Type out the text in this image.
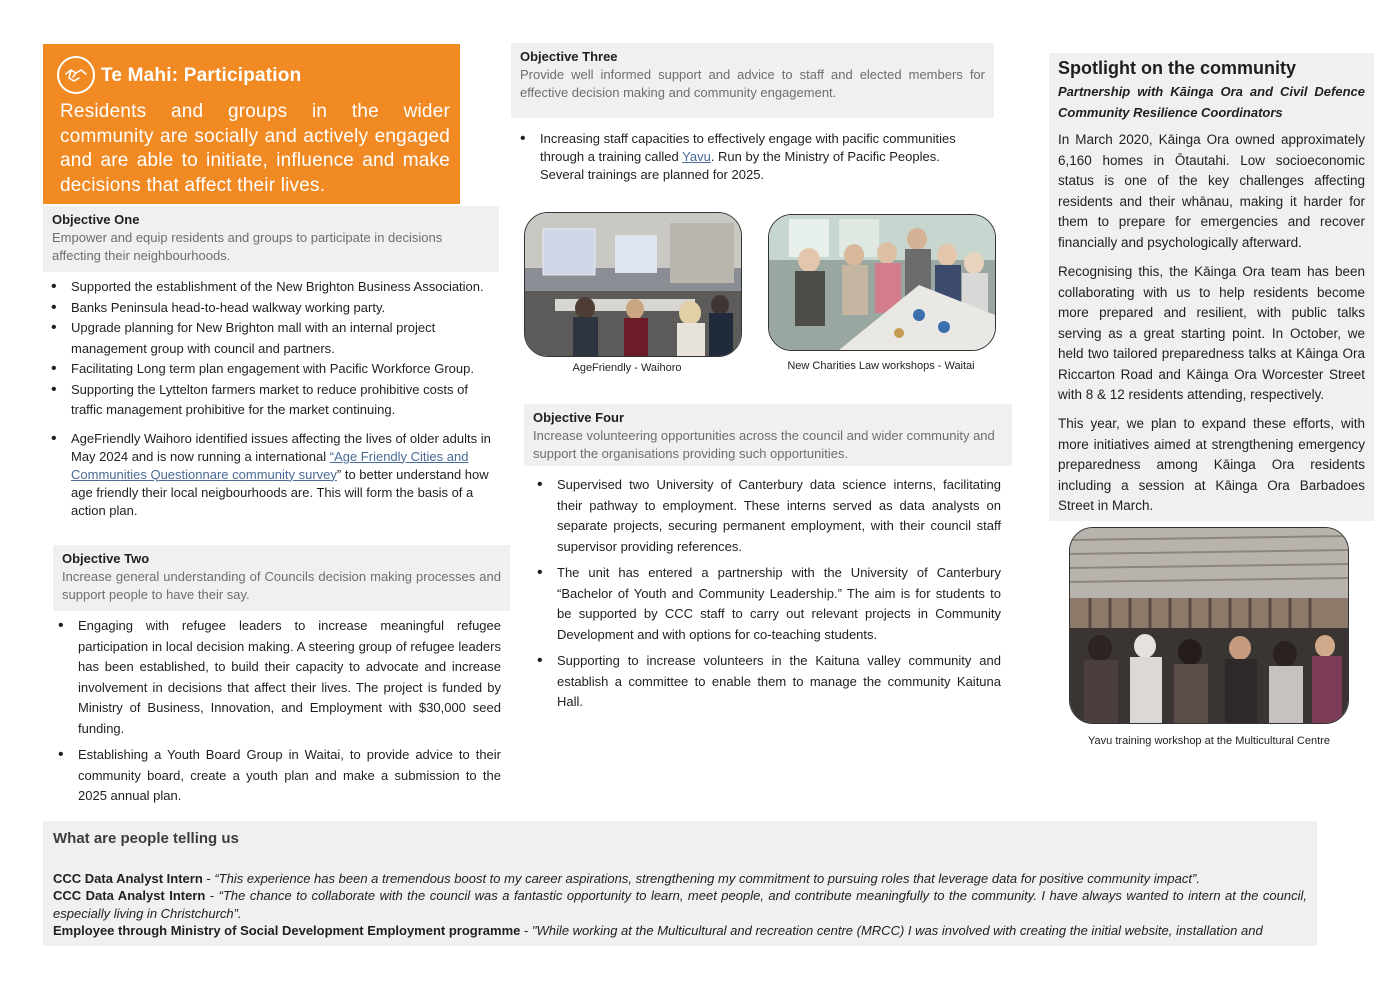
Te Mahi: Participation
Residents and groups in the wider community are socially and actively engaged and are able to initiate, influence and make decisions that affect their lives.
Objective One
Empower and equip residents and groups to participate in decisions affecting their neighbourhoods.
• Supported the establishment of the New Brighton Business Association.
• Banks Peninsula head-to-head walkway working party.
• Upgrade planning for New Brighton mall with an internal project management group with council and partners.
• Facilitating Long term plan engagement with Pacific Workforce Group.
• Supporting the Lyttelton farmers market to reduce prohibitive costs of traffic management prohibitive for the market continuing.
• AgeFriendly Waihoro identified issues affecting the lives of older adults in May 2024 and is now running a international “Age Friendly Cities and Communities Questionnare community survey” to better understand how age friendly their local neigbourhoods are. This will form the basis of a action plan.
Objective Two
Increase general understanding of Councils decision making processes and support people to have their say.
• Engaging with refugee leaders to increase meaningful refugee participation in local decision making. A steering group of refugee leaders has been established, to build their capacity to advocate and increase involvement in decisions that affect their lives. The project is funded by Ministry of Business, Innovation, and Employment with $30,000 seed funding.
• Establishing a Youth Board Group in Waitai, to provide advice to their community board, create a youth plan and make a submission to the 2025 annual plan.
Objective Three
Provide well informed support and advice to staff and elected members for effective decision making and community engagement.
• Increasing staff capacities to effectively engage with pacific communities through a training called Yavu. Run by the Ministry of Pacific Peoples. Several trainings are planned for 2025.
AgeFriendly - Waihoro	New Charities Law workshops - Waitai
Objective Four
Increase volunteering opportunities across the council and wider community and support the organisations providing such opportunities.
• Supervised two University of Canterbury data science interns, facilitating their pathway to employment. These interns served as data analysts on separate projects, securing permanent employment, with their council staff supervisor providing references.
• The unit has entered a partnership with the University of Canterbury “Bachelor of Youth and Community Leadership.” The aim is for students to be supported by CCC staff to carry out relevant projects in Community Development and with options for co-teaching students.
• Supporting to increase volunteers in the Kaituna valley community and establish a committee to enable them to manage the community Kaituna Hall.
Spotlight on the community
Partnership with Kāinga Ora and Civil Defence Community Resilience Coordinators
In March 2020, Kāinga Ora owned approximately 6,160 homes in Ōtautahi. Low socioeconomic status is one of the key challenges affecting residents and their whānau, making it harder for them to prepare for emergencies and recover financially and psychologically afterward.
Recognising this, the Kāinga Ora team has been collaborating with us to help residents become more prepared and resilient, with public talks serving as a great starting point. In October, we held two tailored preparedness talks at Kāinga Ora Riccarton Road and Kāinga Ora Worcester Street with 8 & 12 residents attending, respectively.
This year, we plan to expand these efforts, with more initiatives aimed at strengthening emergency preparedness among Kāinga Ora residents including a session at Kāinga Ora Barbadoes Street in March.
Yavu training workshop at the Multicultural Centre
What are people telling us
CCC Data Analyst Intern - “This experience has been a tremendous boost to my career aspirations, strengthening my commitment to pursuing roles that leverage data for positive community impact”.
CCC Data Analyst Intern - “The chance to collaborate with the council was a fantastic opportunity to learn, meet people, and contribute meaningfully to the community. I have always wanted to intern at the council, especially living in Christchurch”.
Employee through Ministry of Social Development Employment programme - "While working at the Multicultural and recreation centre (MRCC) I was involved with creating the initial website, installation and
